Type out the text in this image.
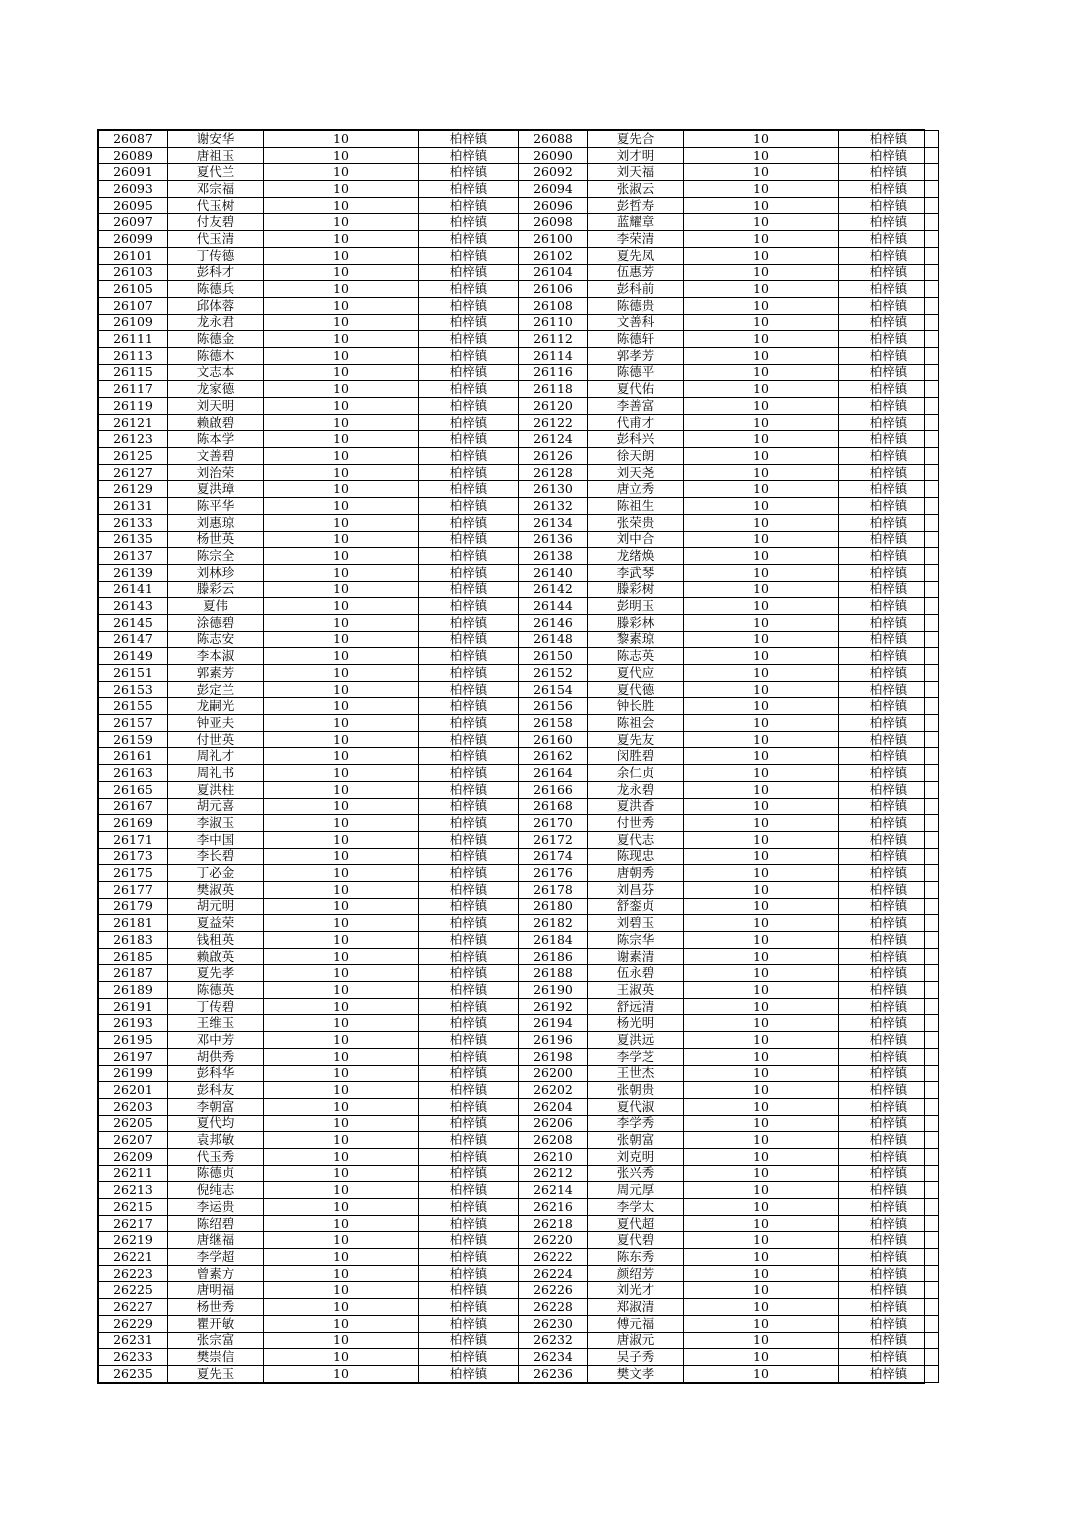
26087	谢安华	10	柏梓镇	26088	夏先合	10	柏梓镇
26089	唐祖玉	10	柏梓镇	26090	刘才明	10	柏梓镇
26091	夏代兰	10	柏梓镇	26092	刘天福	10	柏梓镇
26093	邓宗福	10	柏梓镇	26094	张淑云	10	柏梓镇
26095	代玉树	10	柏梓镇	26096	彭哲寿	10	柏梓镇
26097	付友碧	10	柏梓镇	26098	蓝耀章	10	柏梓镇
26099	代玉清	10	柏梓镇	26100	李荣清	10	柏梓镇
26101	丁传德	10	柏梓镇	26102	夏先凤	10	柏梓镇
26103	彭科才	10	柏梓镇	26104	伍惠芳	10	柏梓镇
26105	陈德兵	10	柏梓镇	26106	彭科前	10	柏梓镇
26107	邱体蓉	10	柏梓镇	26108	陈德贵	10	柏梓镇
26109	龙永君	10	柏梓镇	26110	文善科	10	柏梓镇
26111	陈德金	10	柏梓镇	26112	陈德轩	10	柏梓镇
26113	陈德木	10	柏梓镇	26114	郭孝芳	10	柏梓镇
26115	文志本	10	柏梓镇	26116	陈德平	10	柏梓镇
26117	龙家德	10	柏梓镇	26118	夏代佑	10	柏梓镇
26119	刘天明	10	柏梓镇	26120	李善富	10	柏梓镇
26121	赖啟碧	10	柏梓镇	26122	代甫才	10	柏梓镇
26123	陈本学	10	柏梓镇	26124	彭科兴	10	柏梓镇
26125	文善碧	10	柏梓镇	26126	徐天朗	10	柏梓镇
26127	刘治荣	10	柏梓镇	26128	刘天尧	10	柏梓镇
26129	夏洪璋	10	柏梓镇	26130	唐立秀	10	柏梓镇
26131	陈平华	10	柏梓镇	26132	陈祖生	10	柏梓镇
26133	刘惠琼	10	柏梓镇	26134	张荣贵	10	柏梓镇
26135	杨世英	10	柏梓镇	26136	刘中合	10	柏梓镇
26137	陈宗全	10	柏梓镇	26138	龙绪焕	10	柏梓镇
26139	刘林珍	10	柏梓镇	26140	李武琴	10	柏梓镇
26141	滕彩云	10	柏梓镇	26142	滕彩树	10	柏梓镇
26143	夏伟	10	柏梓镇	26144	彭明玉	10	柏梓镇
26145	涂德碧	10	柏梓镇	26146	滕彩林	10	柏梓镇
26147	陈志安	10	柏梓镇	26148	黎素琼	10	柏梓镇
26149	李本淑	10	柏梓镇	26150	陈志英	10	柏梓镇
26151	郭素芳	10	柏梓镇	26152	夏代应	10	柏梓镇
26153	彭定兰	10	柏梓镇	26154	夏代德	10	柏梓镇
26155	龙嗣光	10	柏梓镇	26156	钟长胜	10	柏梓镇
26157	钟亚夫	10	柏梓镇	26158	陈祖会	10	柏梓镇
26159	付世英	10	柏梓镇	26160	夏先友	10	柏梓镇
26161	周礼才	10	柏梓镇	26162	闵胜碧	10	柏梓镇
26163	周礼书	10	柏梓镇	26164	余仁贞	10	柏梓镇
26165	夏洪柱	10	柏梓镇	26166	龙永碧	10	柏梓镇
26167	胡元喜	10	柏梓镇	26168	夏洪香	10	柏梓镇
26169	李淑玉	10	柏梓镇	26170	付世秀	10	柏梓镇
26171	李中国	10	柏梓镇	26172	夏代志	10	柏梓镇
26173	李长碧	10	柏梓镇	26174	陈现忠	10	柏梓镇
26175	丁必金	10	柏梓镇	26176	唐朝秀	10	柏梓镇
26177	樊淑英	10	柏梓镇	26178	刘昌芬	10	柏梓镇
26179	胡元明	10	柏梓镇	26180	舒銮贞	10	柏梓镇
26181	夏益荣	10	柏梓镇	26182	刘碧玉	10	柏梓镇
26183	钱租英	10	柏梓镇	26184	陈宗华	10	柏梓镇
26185	赖啟英	10	柏梓镇	26186	谢素清	10	柏梓镇
26187	夏先孝	10	柏梓镇	26188	伍永碧	10	柏梓镇
26189	陈德英	10	柏梓镇	26190	王淑英	10	柏梓镇
26191	丁传碧	10	柏梓镇	26192	舒远清	10	柏梓镇
26193	王维玉	10	柏梓镇	26194	杨光明	10	柏梓镇
26195	邓中芳	10	柏梓镇	26196	夏洪远	10	柏梓镇
26197	胡供秀	10	柏梓镇	26198	李学芝	10	柏梓镇
26199	彭科华	10	柏梓镇	26200	王世杰	10	柏梓镇
26201	彭科友	10	柏梓镇	26202	张朝贵	10	柏梓镇
26203	李朝富	10	柏梓镇	26204	夏代淑	10	柏梓镇
26205	夏代均	10	柏梓镇	26206	李学秀	10	柏梓镇
26207	袁邦敏	10	柏梓镇	26208	张朝富	10	柏梓镇
26209	代玉秀	10	柏梓镇	26210	刘克明	10	柏梓镇
26211	陈德贞	10	柏梓镇	26212	张兴秀	10	柏梓镇
26213	倪纯志	10	柏梓镇	26214	周元厚	10	柏梓镇
26215	李运贵	10	柏梓镇	26216	李学太	10	柏梓镇
26217	陈绍碧	10	柏梓镇	26218	夏代超	10	柏梓镇
26219	唐继福	10	柏梓镇	26220	夏代碧	10	柏梓镇
26221	李学超	10	柏梓镇	26222	陈东秀	10	柏梓镇
26223	曾素方	10	柏梓镇	26224	颜绍芳	10	柏梓镇
26225	唐明福	10	柏梓镇	26226	刘光才	10	柏梓镇
26227	杨世秀	10	柏梓镇	26228	郑淑清	10	柏梓镇
26229	瞿开敏	10	柏梓镇	26230	傅元福	10	柏梓镇
26231	张宗富	10	柏梓镇	26232	唐淑元	10	柏梓镇
26233	樊崇信	10	柏梓镇	26234	吴子秀	10	柏梓镇
26235	夏先玉	10	柏梓镇	26236	樊文孝	10	柏梓镇
